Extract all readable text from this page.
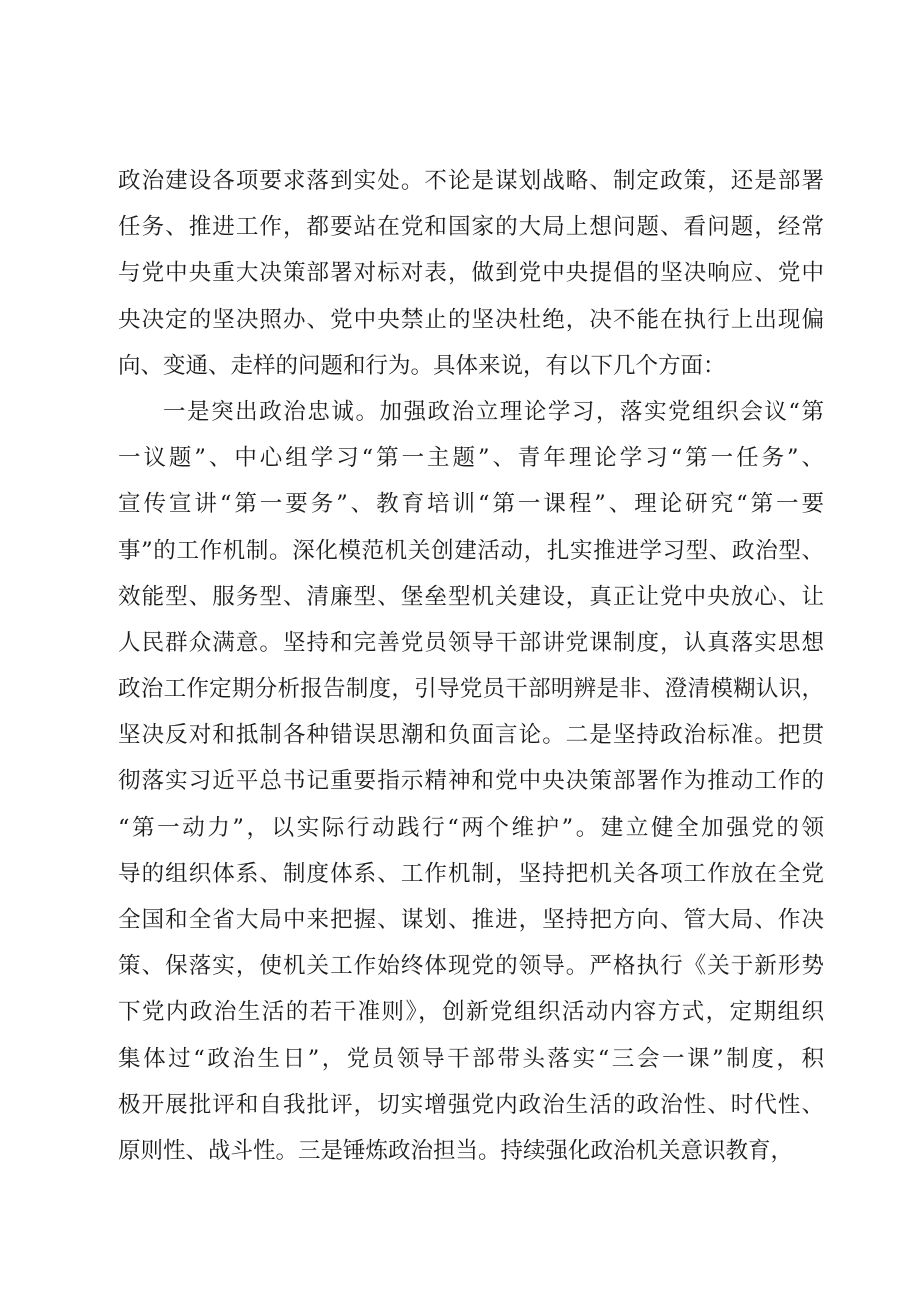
政治建设各项要求落到实处。不论是谋划战略、制定政策，还是部署
任务、推进工作，都要站在党和国家的大局上想问题、看问题，经常
与党中央重大决策部署对标对表，做到党中央提倡的坚决响应、党中
央决定的坚决照办、党中央禁止的坚决杜绝，决不能在执行上出现偏
向、变通、走样的问题和行为。具体来说，有以下几个方面：
一是突出政治忠诚。加强政治立理论学习，落实党组织会议“第
一议题”、中心组学习“第一主题”、青年理论学习“第一任务”、
宣传宣讲“第一要务”、教育培训“第一课程”、理论研究“第一要
事”的工作机制。深化模范机关创建活动，扎实推进学习型、政治型、
效能型、服务型、清廉型、堡垒型机关建设，真正让党中央放心、让
人民群众满意。坚持和完善党员领导干部讲党课制度，认真落实思想
政治工作定期分析报告制度，引导党员干部明辨是非、澄清模糊认识，
坚决反对和抵制各种错误思潮和负面言论。二是坚持政治标准。把贯
彻落实习近平总书记重要指示精神和党中央决策部署作为推动工作的
“第一动力”，以实际行动践行“两个维护”。建立健全加强党的领
导的组织体系、制度体系、工作机制，坚持把机关各项工作放在全党
全国和全省大局中来把握、谋划、推进，坚持把方向、管大局、作决
策、保落实，使机关工作始终体现党的领导。严格执行《关于新形势
下党内政治生活的若干准则》，创新党组织活动内容方式，定期组织
集体过“政治生日”，党员领导干部带头落实“三会一课”制度，积
极开展批评和自我批评，切实增强党内政治生活的政治性、时代性、
原则性、战斗性。三是锤炼政治担当。持续强化政治机关意识教育，
